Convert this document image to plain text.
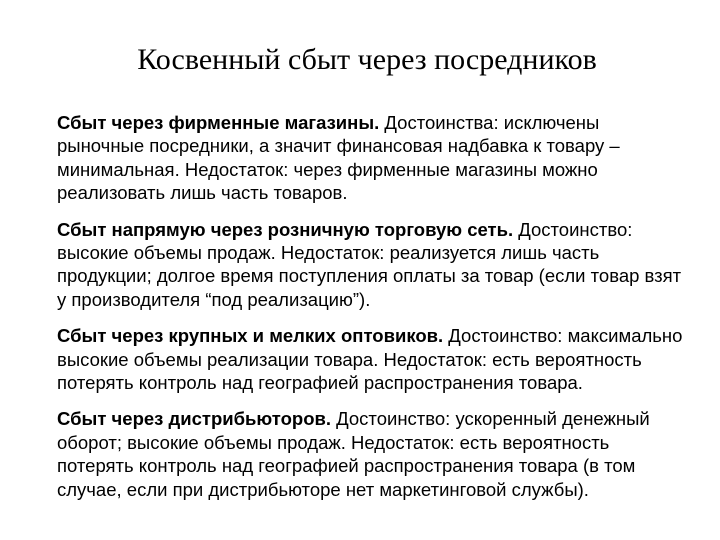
Косвенный сбыт через посредников

Сбыт через фирменные магазины. Достоинства: исключены рыночные посредники, а значит финансовая надбавка к товару – минимальная. Недостаток: через фирменные магазины можно реализовать лишь часть товаров.

Сбыт напрямую через розничную торговую сеть. Достоинство: высокие объемы продаж. Недостаток: реализуется лишь часть продукции; долгое время поступления оплаты за товар (если товар взят у производителя “под реализацию”).

Сбыт через крупных и мелких оптовиков. Достоинство: максимально высокие объемы реализации товара. Недостаток: есть вероятность потерять контроль над географией распространения товара.

Сбыт через дистрибьюторов. Достоинство: ускоренный денежный оборот; высокие объемы продаж. Недостаток: есть вероятность потерять контроль над географией распространения товара (в том случае, если при дистрибьюторе нет маркетинговой службы).
